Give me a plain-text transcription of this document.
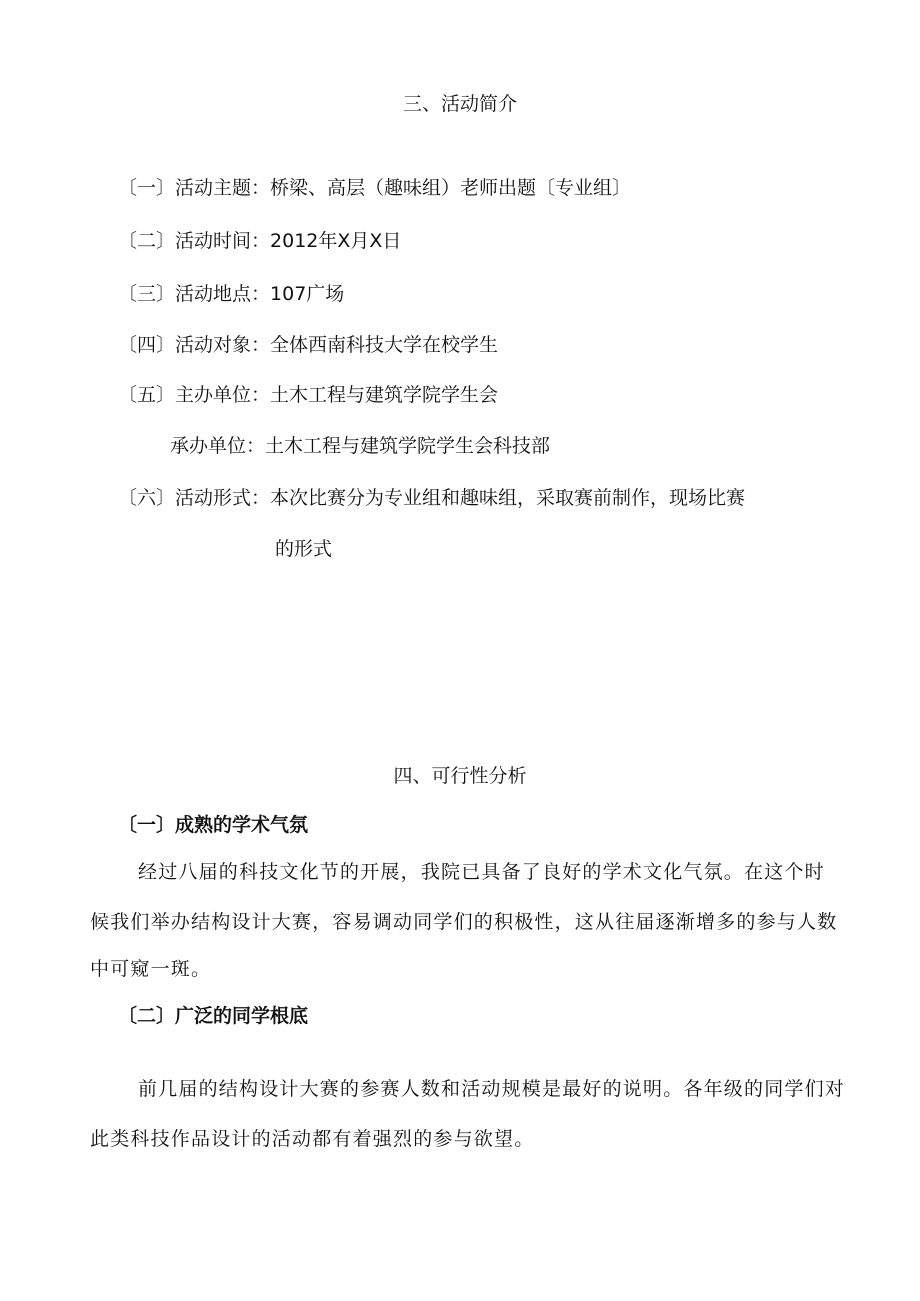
三、活动简介
〔一〕活动主题：桥梁、高层（趣味组）老师出题〔专业组〕
〔二〕活动时间：2012年X月X日
〔三〕活动地点：107广场
〔四〕活动对象：全体西南科技大学在校学生
〔五〕主办单位：土木工程与建筑学院学生会
承办单位：土木工程与建筑学院学生会科技部
〔六〕活动形式：本次比赛分为专业组和趣味组，采取赛前制作，现场比赛
的形式
四、可行性分析
〔一〕成熟的学术气氛
经过八届的科技文化节的开展，我院已具备了良好的学术文化气氛。在这个时
候我们举办结构设计大赛，容易调动同学们的积极性，这从往届逐渐增多的参与人数
中可窥一斑。
〔二〕广泛的同学根底
前几届的结构设计大赛的参赛人数和活动规模是最好的说明。各年级的同学们对
此类科技作品设计的活动都有着强烈的参与欲望。
